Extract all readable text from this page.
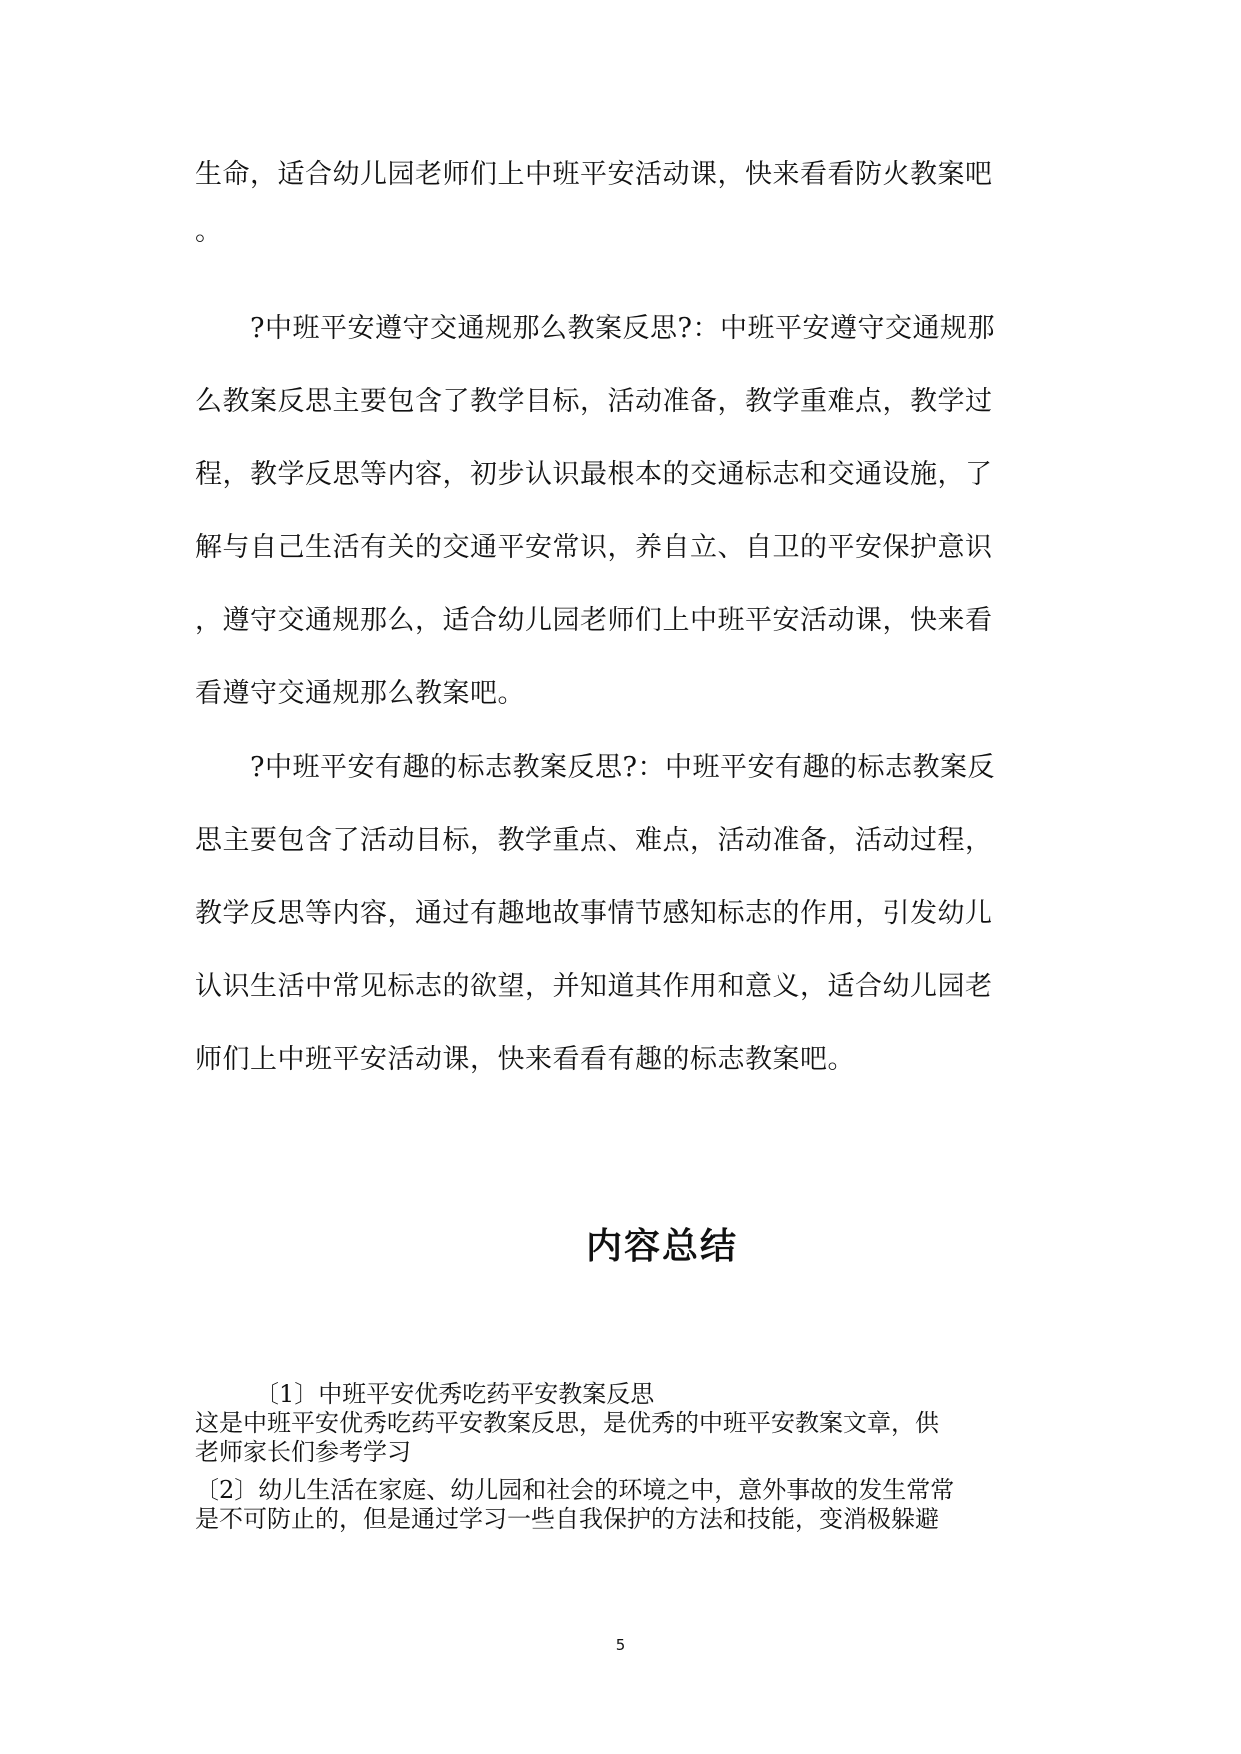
生命，适合幼儿园老师们上中班平安活动课，快来看看防火教案吧
。
?中班平安遵守交通规那么教案反思?：中班平安遵守交通规那
么教案反思主要包含了教学目标，活动准备，教学重难点，教学过
程，教学反思等内容，初步认识最根本的交通标志和交通设施，了
解与自己生活有关的交通平安常识，养自立、自卫的平安保护意识
，遵守交通规那么，适合幼儿园老师们上中班平安活动课，快来看
看遵守交通规那么教案吧。
?中班平安有趣的标志教案反思?：中班平安有趣的标志教案反
思主要包含了活动目标，教学重点、难点，活动准备，活动过程，
教学反思等内容，通过有趣地故事情节感知标志的作用，引发幼儿
认识生活中常见标志的欲望，并知道其作用和意义，适合幼儿园老
师们上中班平安活动课，快来看看有趣的标志教案吧。
内容总结
〔1〕中班平安优秀吃药平安教案反思
这是中班平安优秀吃药平安教案反思，是优秀的中班平安教案文章，供
老师家长们参考学习
〔2〕幼儿生活在家庭、幼儿园和社会的环境之中，意外事故的发生常常
是不可防止的，但是通过学习一些自我保护的方法和技能，变消极躲避
5
